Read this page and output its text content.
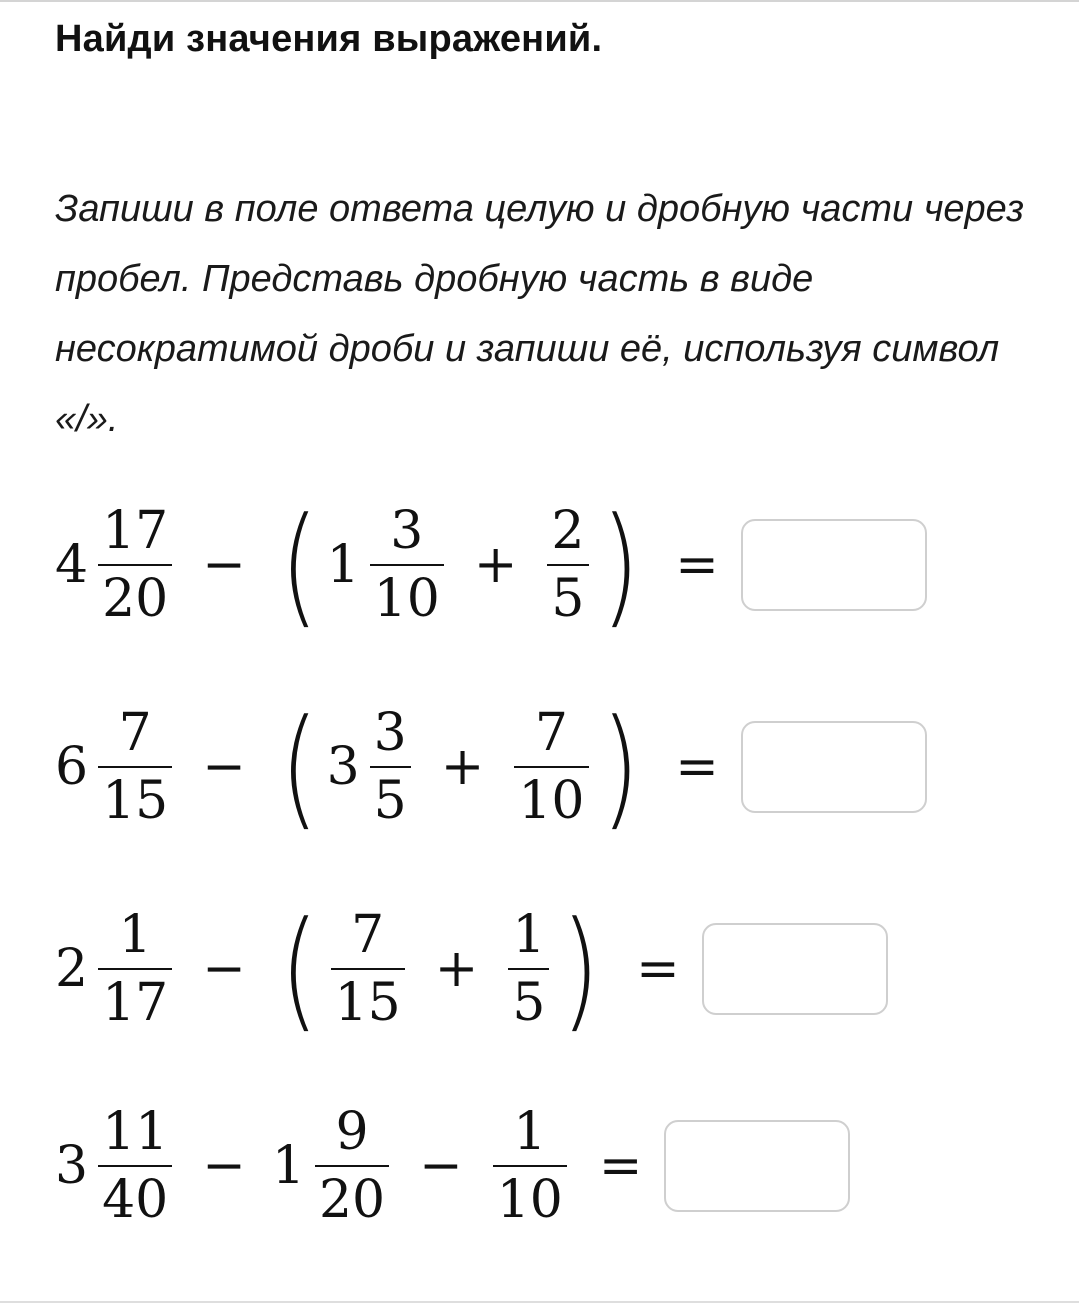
Найди значения выражений.

Запиши в поле ответа целую и дробную части через пробел. Представь дробную часть в виде несократимой дроби и запиши её, используя символ «/».

$4 \frac{17}{20}$ − ( $1 \frac{3}{10} + \frac{2}{5}$ ) =
$6 \frac{7}{15}$ − ( $3 \frac{3}{5} + \frac{7}{10}$ ) =
$2 \frac{1}{17}$ − ( $\frac{7}{15} + \frac{1}{5}$ ) =
$3 \frac{11}{40} - 1 \frac{9}{20} - \frac{1}{10}$ =
